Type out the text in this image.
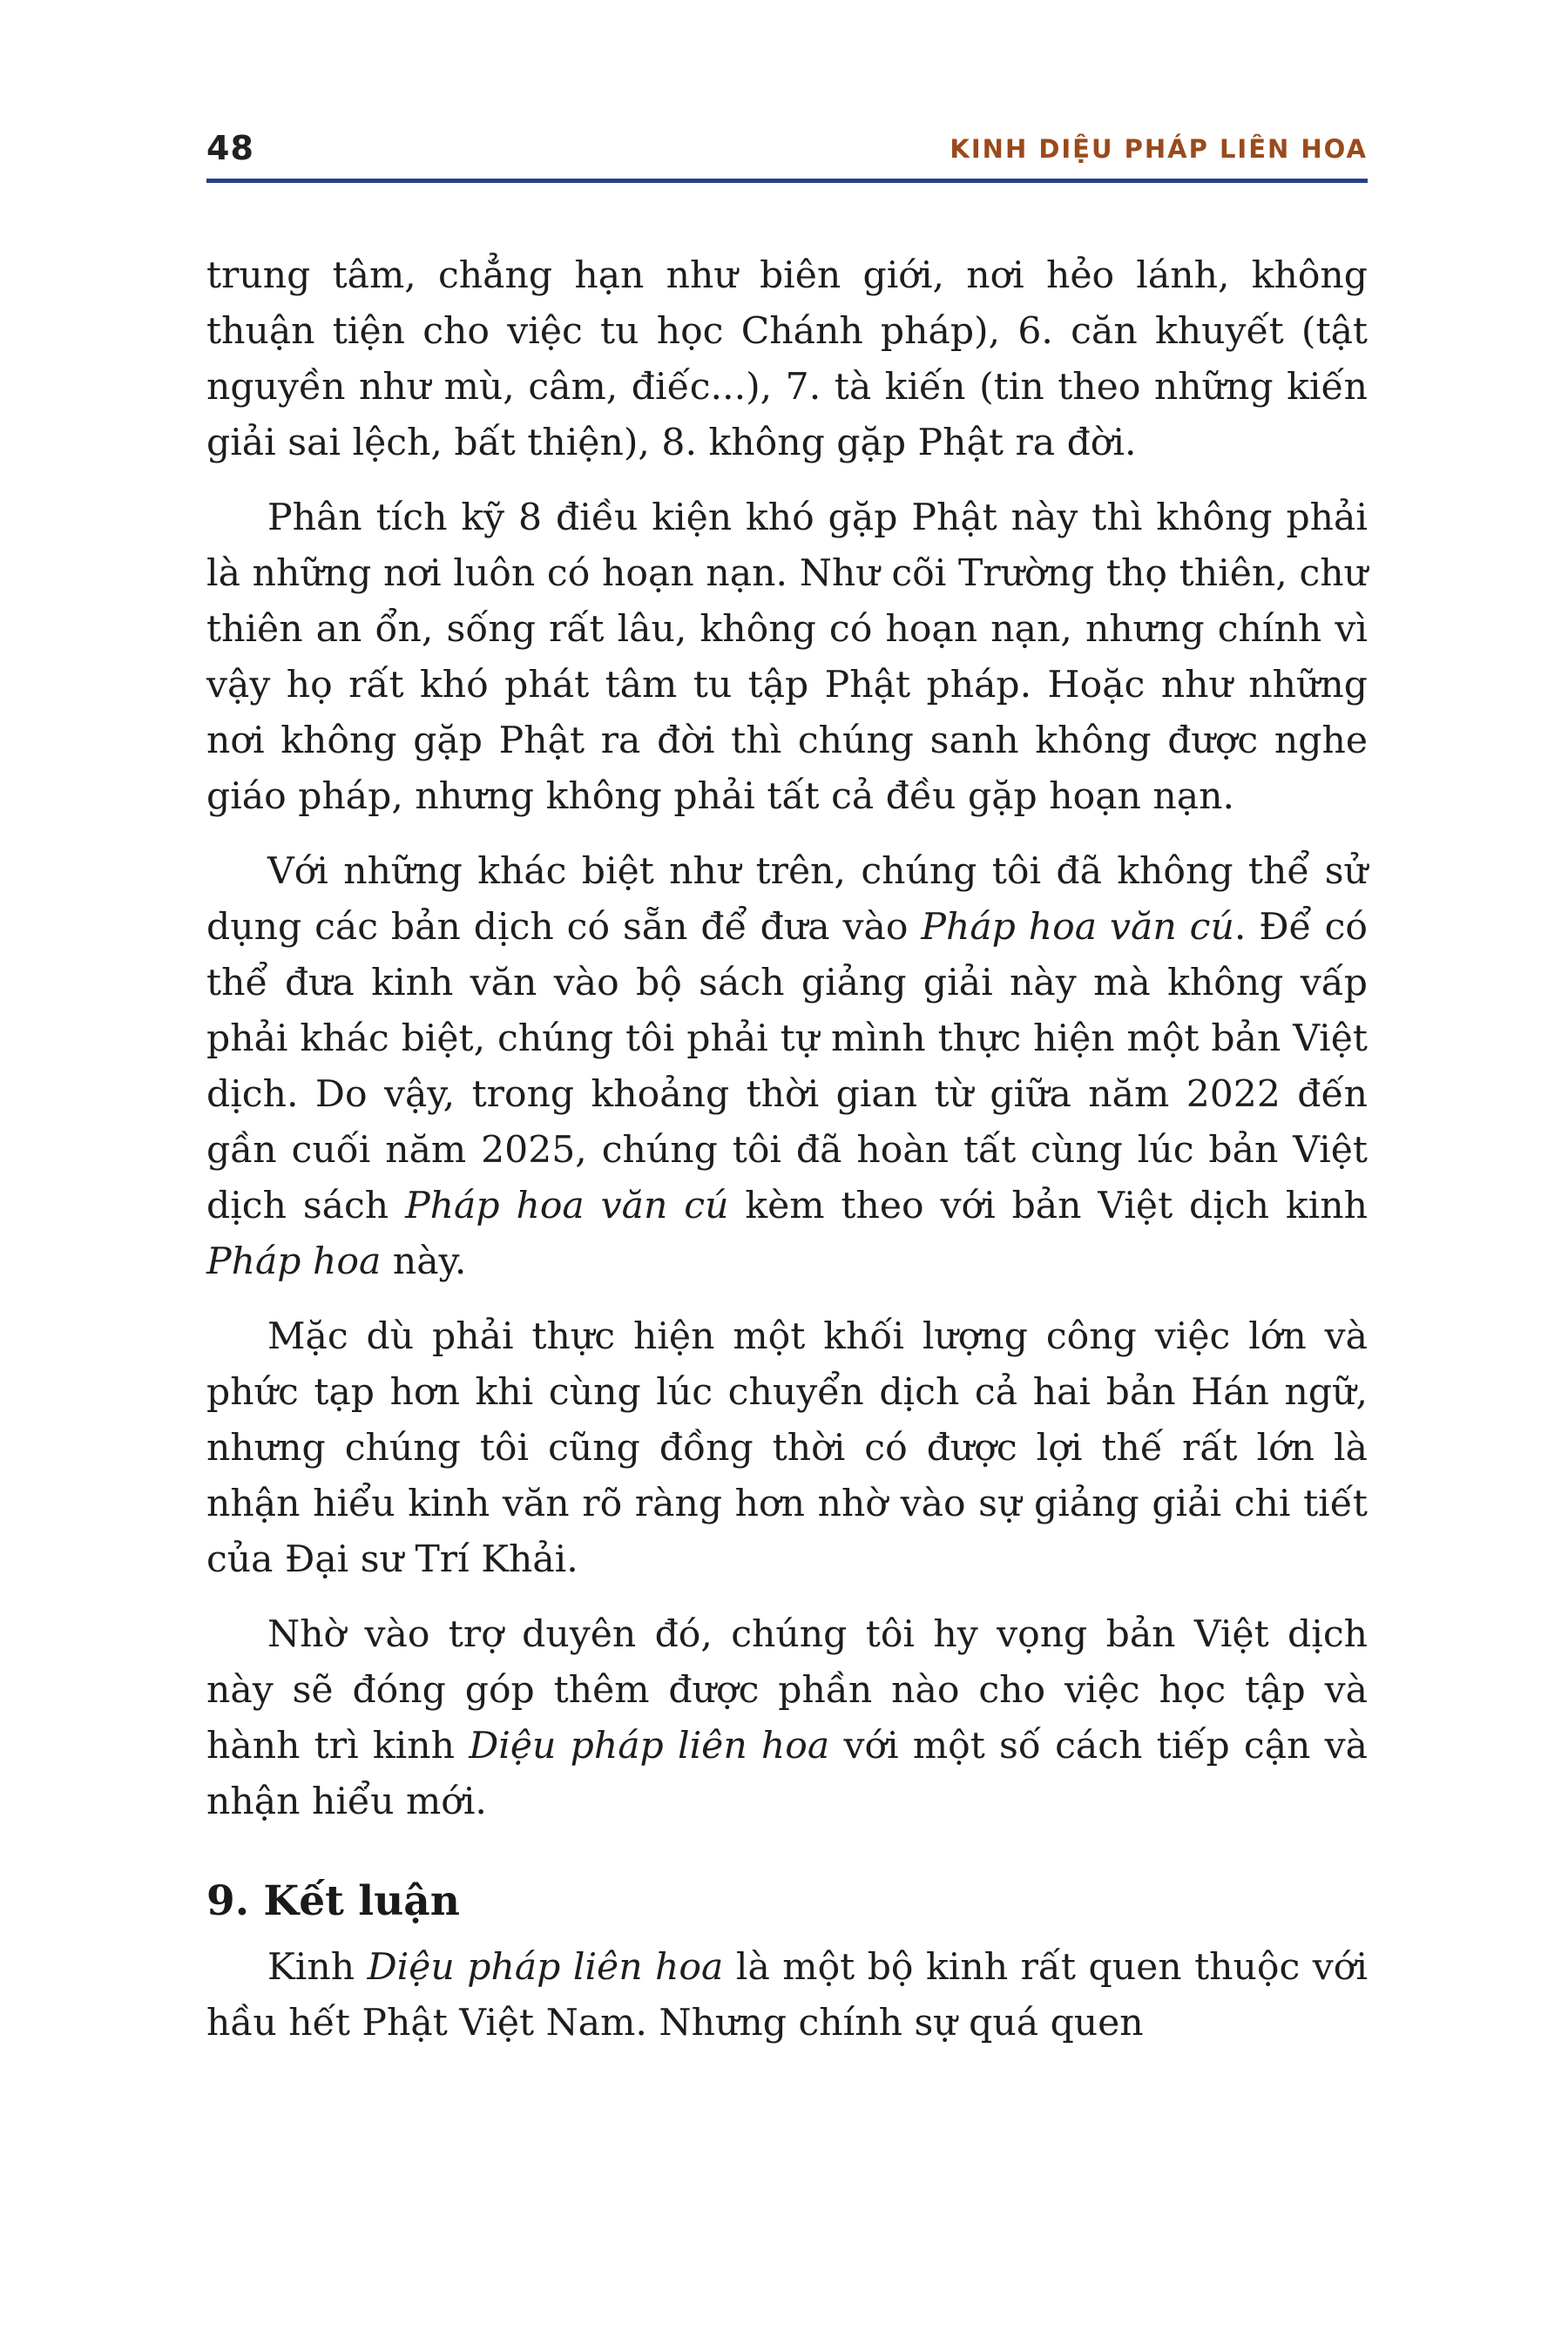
48	KINH DIỆU PHÁP LIÊN HOA

trung tâm, chẳng hạn như biên giới, nơi hẻo lánh, không thuận tiện cho việc tu học Chánh pháp), 6. căn khuyết (tật nguyền như mù, câm, điếc...), 7. tà kiến (tin theo những kiến giải sai lệch, bất thiện), 8. không gặp Phật ra đời.

Phân tích kỹ 8 điều kiện khó gặp Phật này thì không phải là những nơi luôn có hoạn nạn. Như cõi Trường thọ thiên, chư thiên an ổn, sống rất lâu, không có hoạn nạn, nhưng chính vì vậy họ rất khó phát tâm tu tập Phật pháp. Hoặc như những nơi không gặp Phật ra đời thì chúng sanh không được nghe giáo pháp, nhưng không phải tất cả đều gặp hoạn nạn.

Với những khác biệt như trên, chúng tôi đã không thể sử dụng các bản dịch có sẵn để đưa vào Pháp hoa văn cú. Để có thể đưa kinh văn vào bộ sách giảng giải này mà không vấp phải khác biệt, chúng tôi phải tự mình thực hiện một bản Việt dịch. Do vậy, trong khoảng thời gian từ giữa năm 2022 đến gần cuối năm 2025, chúng tôi đã hoàn tất cùng lúc bản Việt dịch sách Pháp hoa văn cú kèm theo với bản Việt dịch kinh Pháp hoa này.

Mặc dù phải thực hiện một khối lượng công việc lớn và phức tạp hơn khi cùng lúc chuyển dịch cả hai bản Hán ngữ, nhưng chúng tôi cũng đồng thời có được lợi thế rất lớn là nhận hiểu kinh văn rõ ràng hơn nhờ vào sự giảng giải chi tiết của Đại sư Trí Khải.

Nhờ vào trợ duyên đó, chúng tôi hy vọng bản Việt dịch này sẽ đóng góp thêm được phần nào cho việc học tập và hành trì kinh Diệu pháp liên hoa với một số cách tiếp cận và nhận hiểu mới.

9. Kết luận

Kinh Diệu pháp liên hoa là một bộ kinh rất quen thuộc với hầu hết Phật Việt Nam. Nhưng chính sự quá quen
